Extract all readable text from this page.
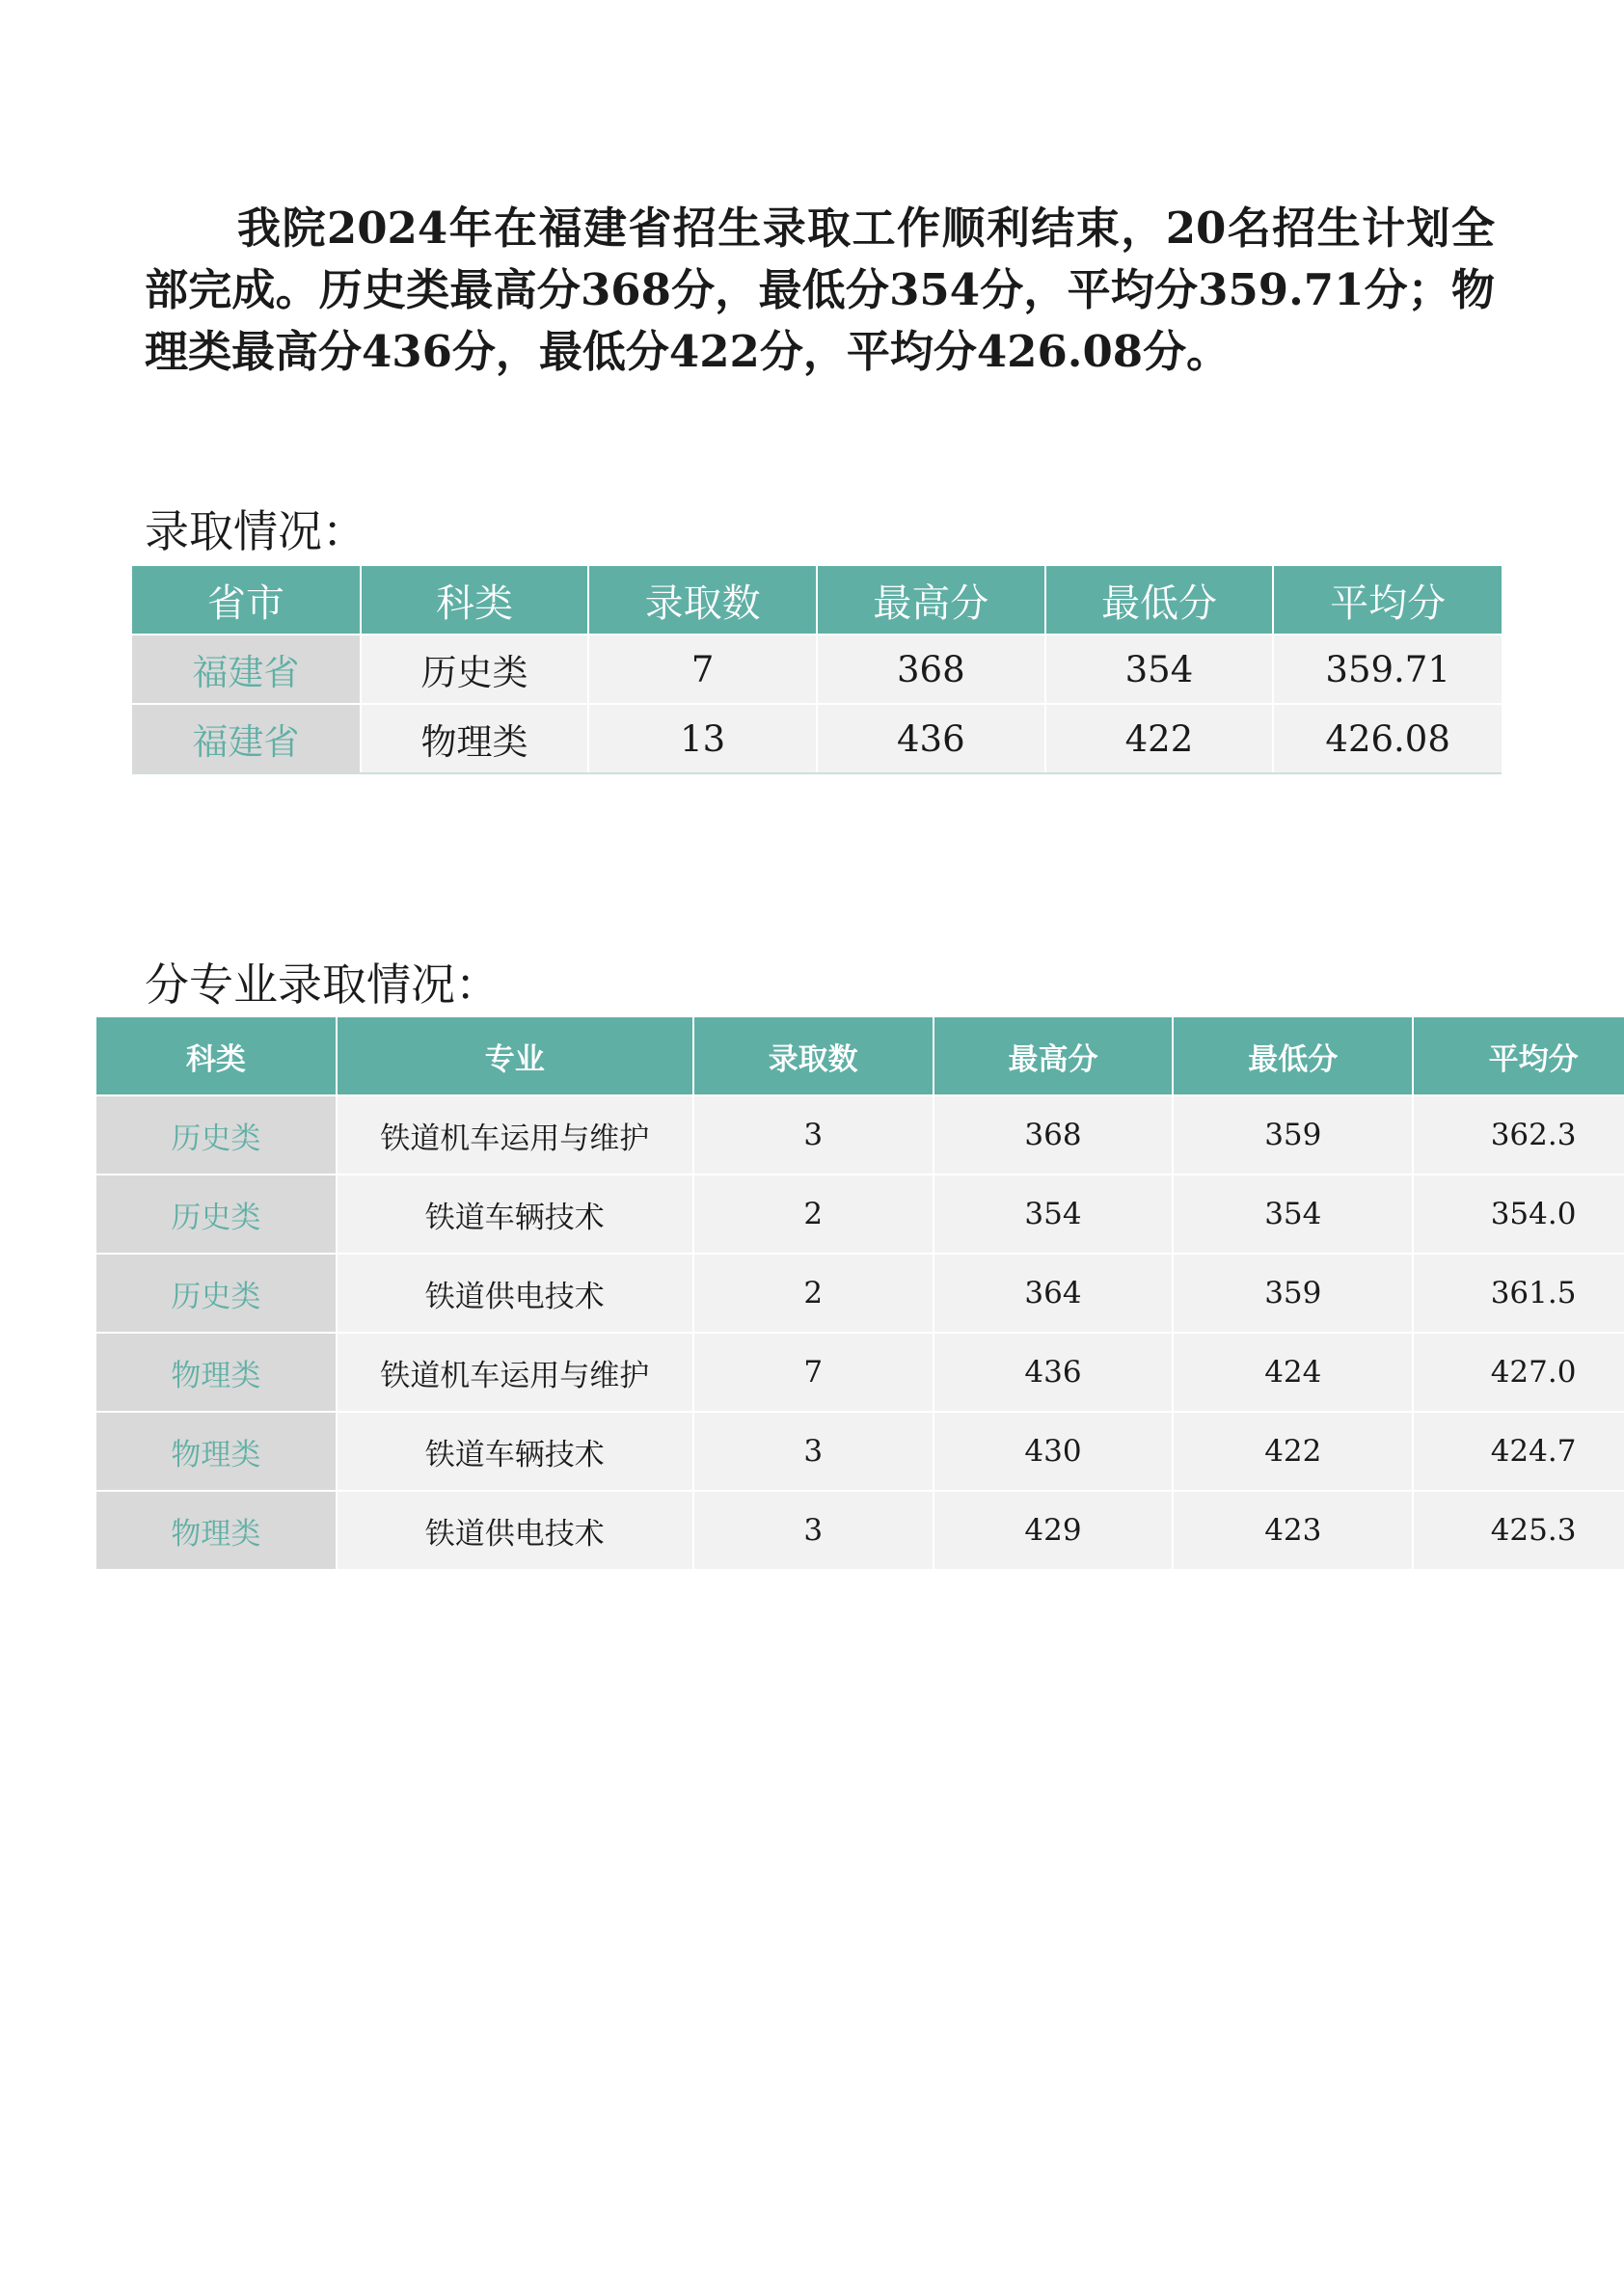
我院2024年在福建省招生录取工作顺利结束，20名招生计划全部完成。历史类最高分368分，最低分354分，平均分359.71分；物理类最高分436分，最低分422分，平均分426.08分。

录取情况：
省市	科类	录取数	最高分	最低分	平均分
福建省	历史类	7	368	354	359.71
福建省	物理类	13	436	422	426.08
分专业录取情况：
科类	专业	录取数	最高分	最低分	平均分
历史类	铁道机车运用与维护	3	368	359	362.3
历史类	铁道车辆技术	2	354	354	354.0
历史类	铁道供电技术	2	364	359	361.5
物理类	铁道机车运用与维护	7	436	424	427.0
物理类	铁道车辆技术	3	430	422	424.7
物理类	铁道供电技术	3	429	423	425.3
